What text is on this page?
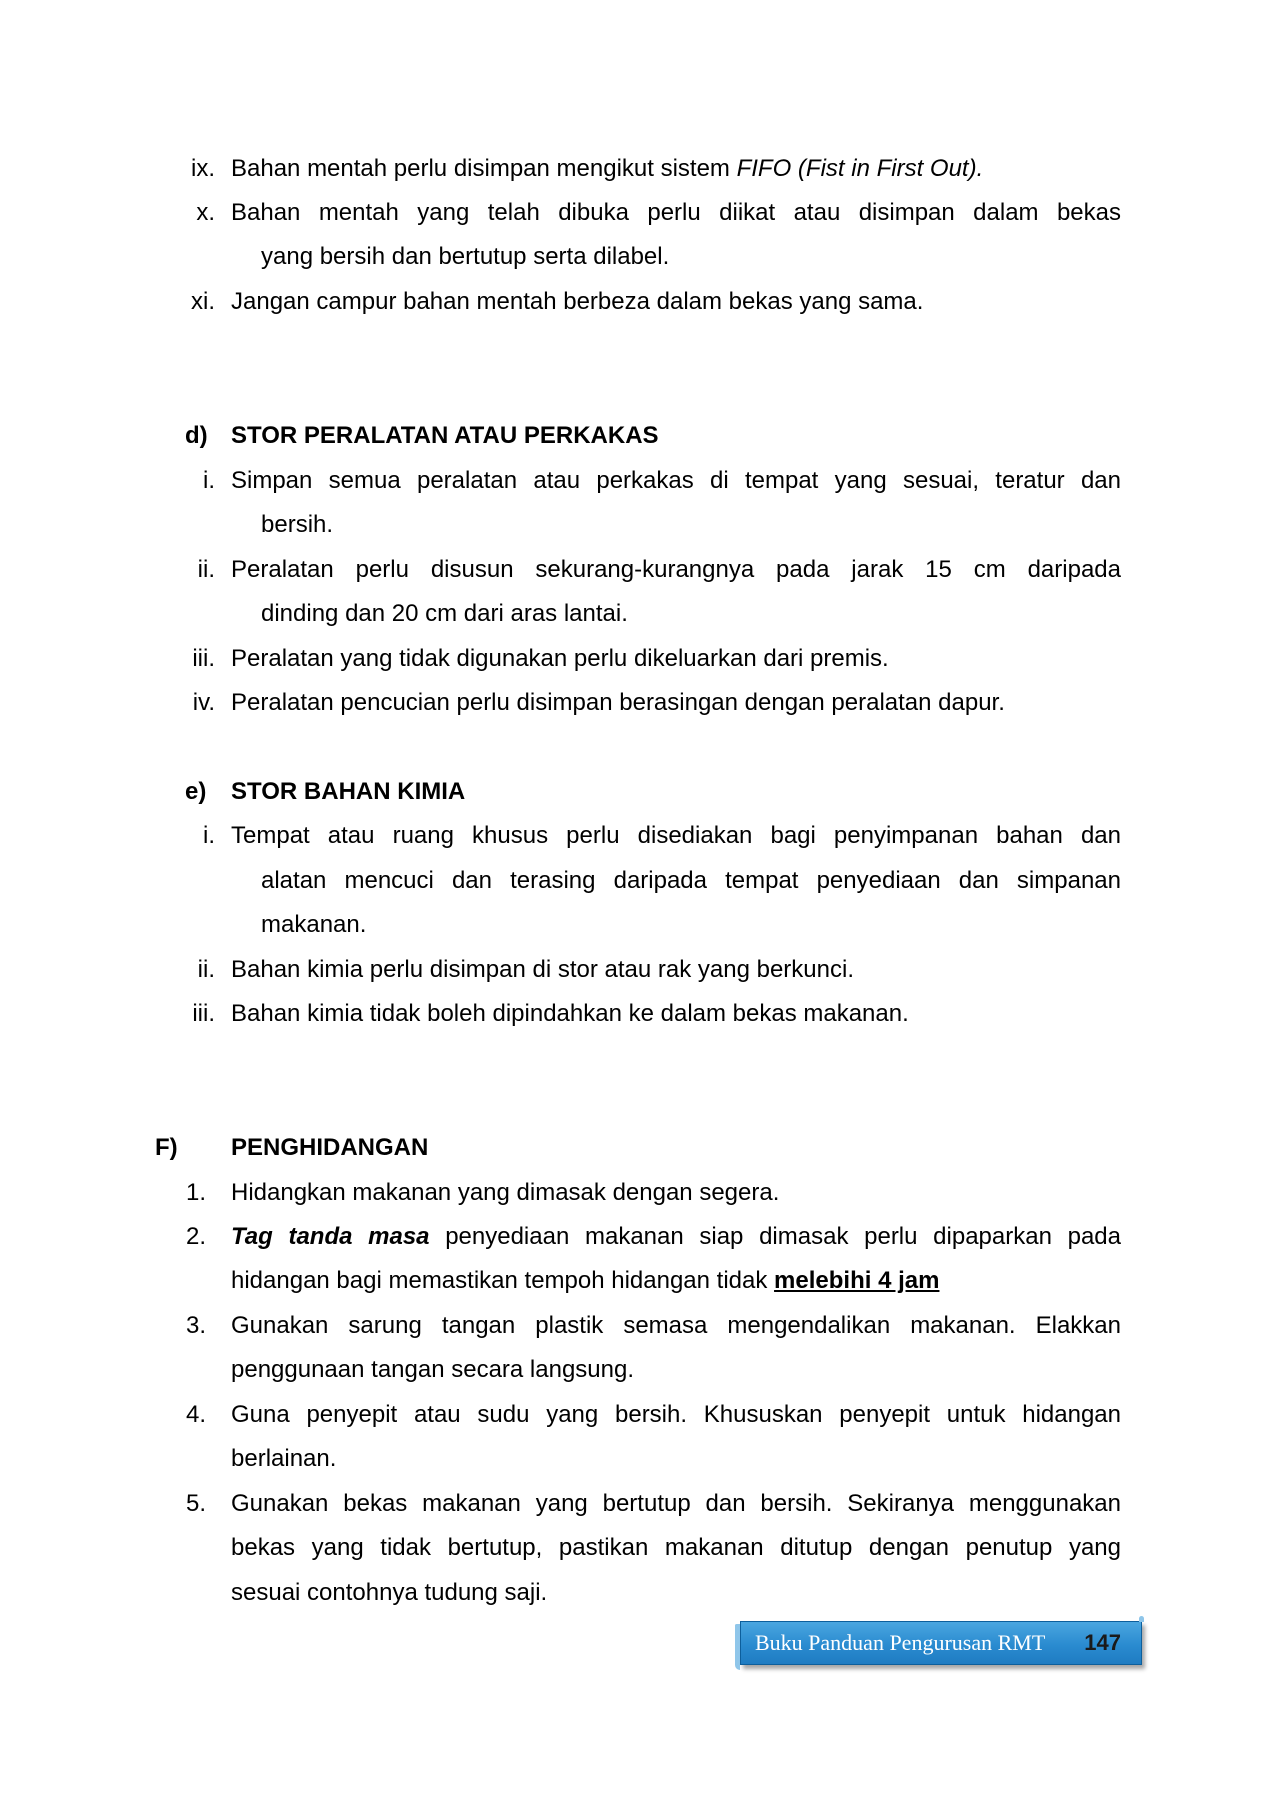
ix. Bahan mentah perlu disimpan mengikut sistem FIFO (Fist in First Out).
x. Bahan mentah yang telah dibuka perlu diikat atau disimpan dalam bekas
yang bersih dan bertutup serta dilabel.
xi. Jangan campur bahan mentah berbeza dalam bekas yang sama.
d) STOR PERALATAN ATAU PERKAKAS
i. Simpan semua peralatan atau perkakas di tempat yang sesuai, teratur dan
bersih.
ii. Peralatan perlu disusun sekurang-kurangnya pada jarak 15 cm daripada
dinding dan 20 cm dari aras lantai.
iii. Peralatan yang tidak digunakan perlu dikeluarkan dari premis.
iv. Peralatan pencucian perlu disimpan berasingan dengan peralatan dapur.
e) STOR BAHAN KIMIA
i. Tempat atau ruang khusus perlu disediakan bagi penyimpanan bahan dan
alatan mencuci dan terasing daripada tempat penyediaan dan simpanan
makanan.
ii. Bahan kimia perlu disimpan di stor atau rak yang berkunci.
iii. Bahan kimia tidak boleh dipindahkan ke dalam bekas makanan.
F) PENGHIDANGAN
1. Hidangkan makanan yang dimasak dengan segera.
2. Tag tanda masa penyediaan makanan siap dimasak perlu dipaparkan pada
hidangan bagi memastikan tempoh hidangan tidak melebihi 4 jam
3. Gunakan sarung tangan plastik semasa mengendalikan makanan. Elakkan
penggunaan tangan secara langsung.
4. Guna penyepit atau sudu yang bersih. Khususkan penyepit untuk hidangan
berlainan.
5. Gunakan bekas makanan yang bertutup dan bersih. Sekiranya menggunakan
bekas yang tidak bertutup, pastikan makanan ditutup dengan penutup yang
sesuai contohnya tudung saji.
Buku Panduan Pengurusan RMT 147
